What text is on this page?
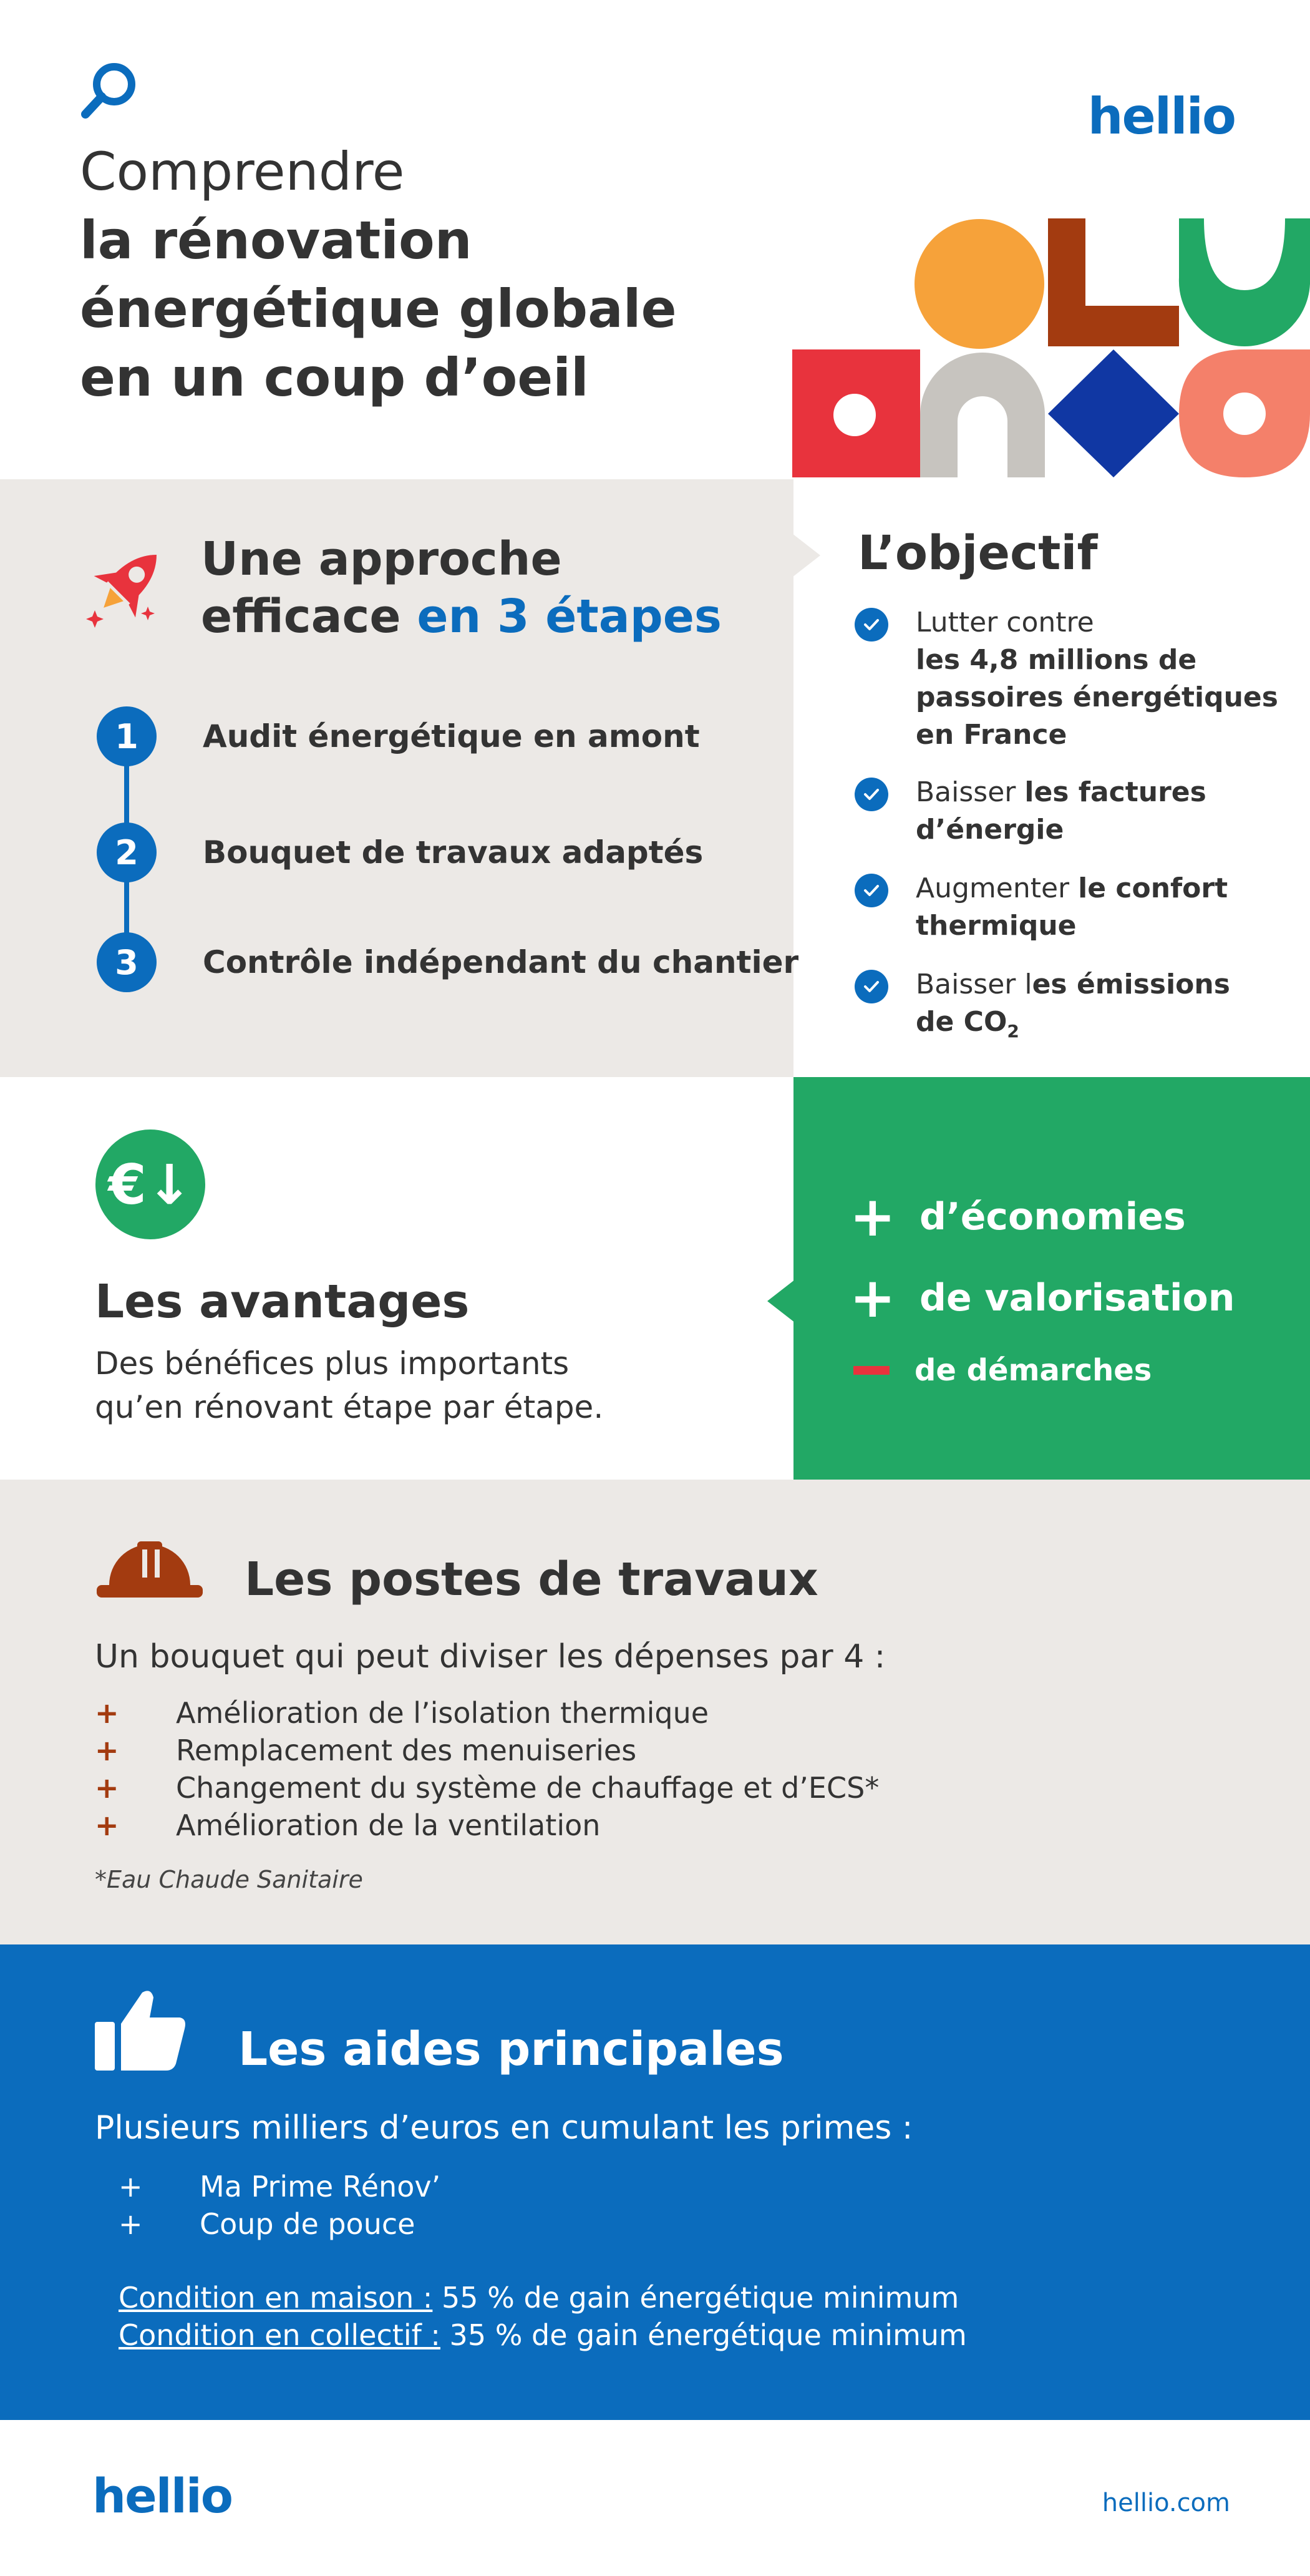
hellio
Comprendre
la rénovation
énergétique globale
en un coup d’oeil
Une approche
efficace en 3 étapes
1	Audit énergétique en amont
2	Bouquet de travaux adaptés
3	Contrôle indépendant du chantier
L’objectif
Lutter contre
les 4,8 millions de passoires énergétiques en France
Baisser les factures d’énergie
Augmenter le confort thermique
Baisser les émissions de $CO_2$
€↓
Les avantages
Des bénéfices plus importants
qu’en rénovant étape par étape.
+ d’économies
+ de valorisation
de démarches
Les postes de travaux
Un bouquet qui peut diviser les dépenses par 4 :
+	Amélioration de l’isolation thermique
+	Remplacement des menuiseries
+	Changement du système de chauffage et d’ECS*
+	Amélioration de la ventilation
*Eau Chaude Sanitaire
Les aides principales
Plusieurs milliers d’euros en cumulant les primes :
+	Ma Prime Rénov’
+	Coup de pouce
Condition en maison : 55 % de gain énergétique minimum
Condition en collectif : 35 % de gain énergétique minimum
hellio	hellio.com
